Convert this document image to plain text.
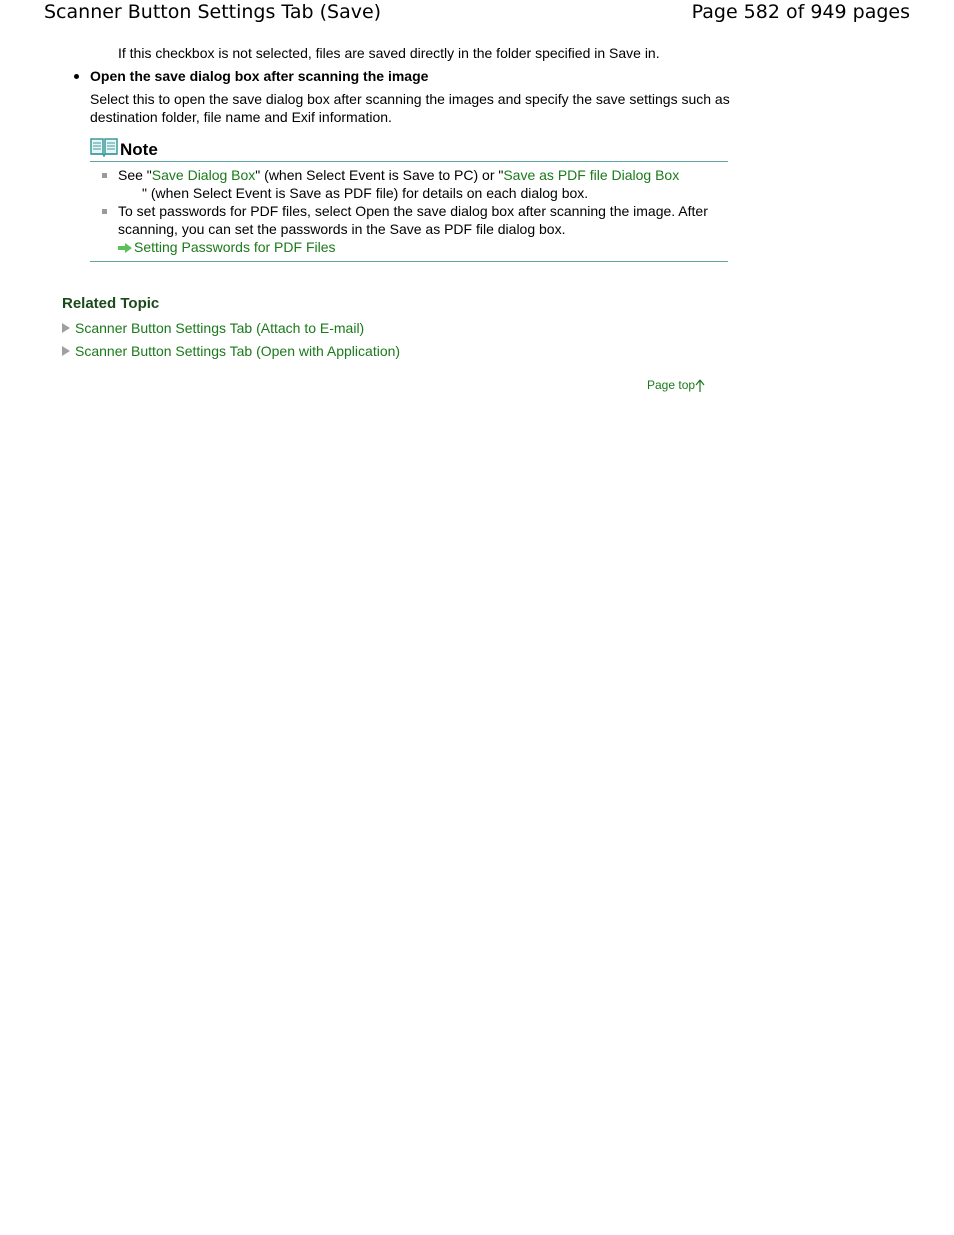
Scanner Button Settings Tab (Save)	Page 582 of 949 pages
If this checkbox is not selected, files are saved directly in the folder specified in Save in.
Open the save dialog box after scanning the image
Select this to open the save dialog box after scanning the images and specify the save settings such as destination folder, file name and Exif information.
Note
See "Save Dialog Box" (when Select Event is Save to PC) or "Save as PDF file Dialog Box
" (when Select Event is Save as PDF file) for details on each dialog box.
To set passwords for PDF files, select Open the save dialog box after scanning the image. After scanning, you can set the passwords in the Save as PDF file dialog box.
Setting Passwords for PDF Files
Related Topic
Scanner Button Settings Tab (Attach to E-mail)
Scanner Button Settings Tab (Open with Application)
Page top
